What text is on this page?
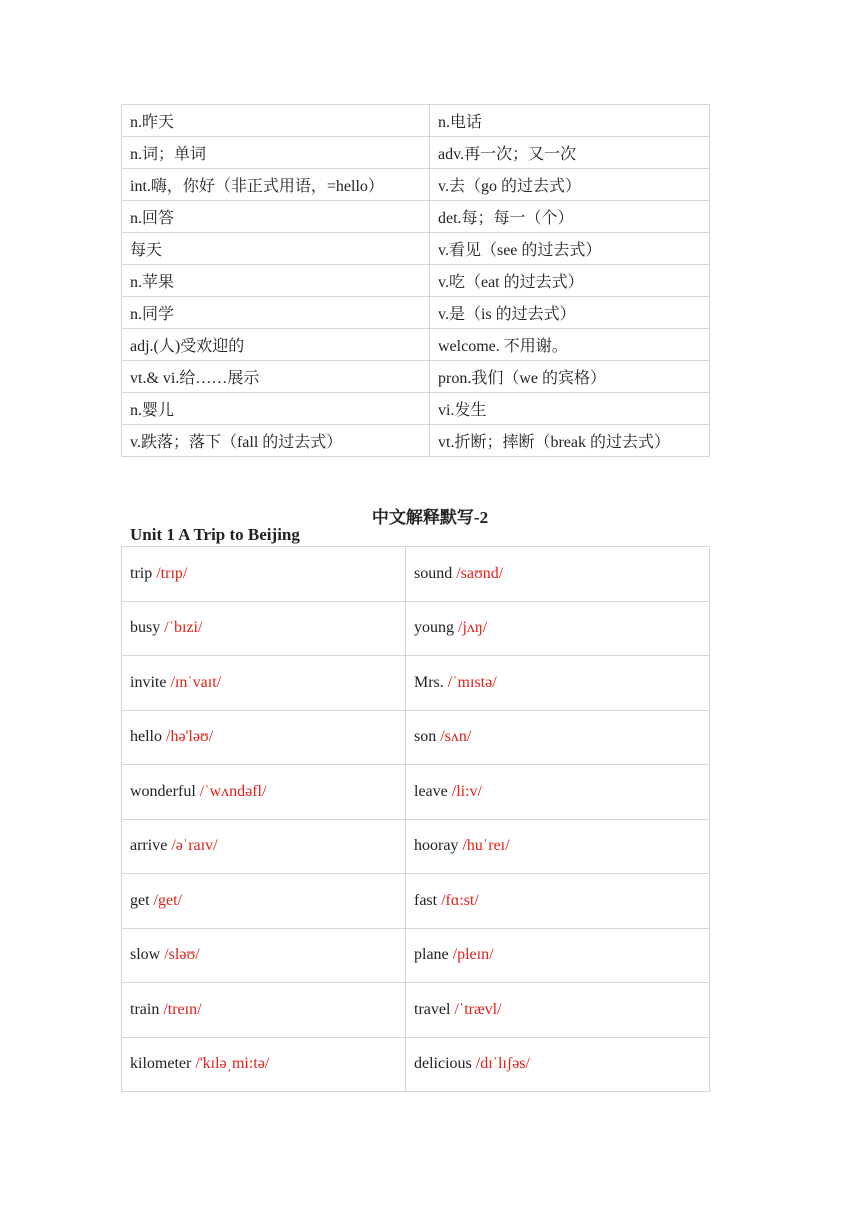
n.昨天	n.电话
n.词；单词	adv.再一次；又一次
int.嗨，你好（非正式用语，=hello）	v.去（go 的过去式）
n.回答	det.每；每一（个）
每天	v.看见（see 的过去式）
n.苹果	v.吃（eat 的过去式）
n.同学	v.是（is 的过去式）
adj.(人)受欢迎的	welcome. 不用谢。
vt.& vi.给……展示	pron.我们（we 的宾格）
n.婴儿	vi.发生
v.跌落；落下（fall 的过去式）	vt.折断；摔断（break 的过去式）
中文解释默写-2
Unit 1 A Trip to Beijing
trip /trɪp/	sound /saʊnd/
busy /ˈbɪzi/	young /jʌŋ/
invite /ɪnˈvaɪt/	Mrs. /ˈmɪstə/
hello /hə'ləʊ/	son /sʌn/
wonderful /ˈwʌndəfl/	leave /li:v/
arrive /əˈraɪv/	hooray /huˈreɪ/
get /get/	fast /fɑ:st/
slow /sləʊ/	plane /pleɪn/
train /treɪn/	travel /ˈtrævl/
kilometer /'kɪləˌmi:tə/	delicious /dɪˈlɪʃəs/
